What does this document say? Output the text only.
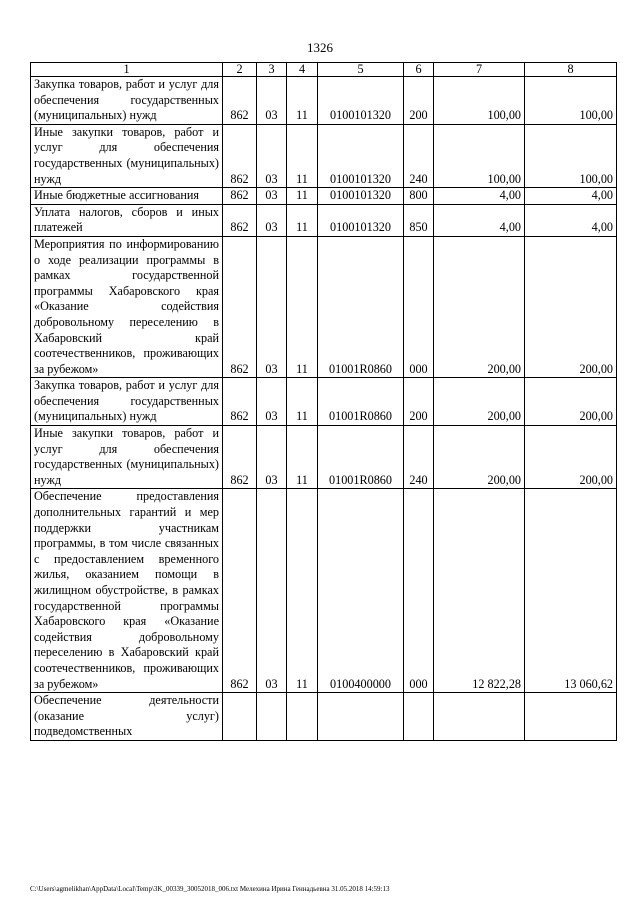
1326
1	2	3	4	5	6	7	8
Закупка товаров, работ и услуг для обеспечения государственных (муниципальных) нужд	862	03	11	0100101320	200	100,00	100,00
Иные закупки товаров, работ и услуг для обеспечения государственных (муниципальных) нужд	862	03	11	0100101320	240	100,00	100,00
Иные бюджетные ассигнования	862	03	11	0100101320	800	4,00	4,00
Уплата налогов, сборов и иных платежей	862	03	11	0100101320	850	4,00	4,00
Мероприятия по информированию о ходе реализации программы в рамках государственной программы Хабаровского края «Оказание содействия добровольному переселению в Хабаровский край соотечественников, проживающих за рубежом»	862	03	11	01001R0860	000	200,00	200,00
Закупка товаров, работ и услуг для обеспечения государственных (муниципальных) нужд	862	03	11	01001R0860	200	200,00	200,00
Иные закупки товаров, работ и услуг для обеспечения государственных (муниципальных) нужд	862	03	11	01001R0860	240	200,00	200,00
Обеспечение предоставления дополнительных гарантий и мер поддержки участникам программы, в том числе связанных с предоставлением временного жилья, оказанием помощи в жилищном обустройстве, в рамках государственной программы Хабаровского края «Оказание содействия добровольному переселению в Хабаровский край соотечественников, проживающих за рубежом»	862	03	11	0100400000	000	12 822,28	13 060,62
Обеспечение деятельности (оказание услуг) подведомственных							
C:\Users\agmelikhan\AppData\Local\Temp\3K_00339_30052018_006.txt Мелехина Ирина Геннадьевна 31.05.2018 14:59:13
